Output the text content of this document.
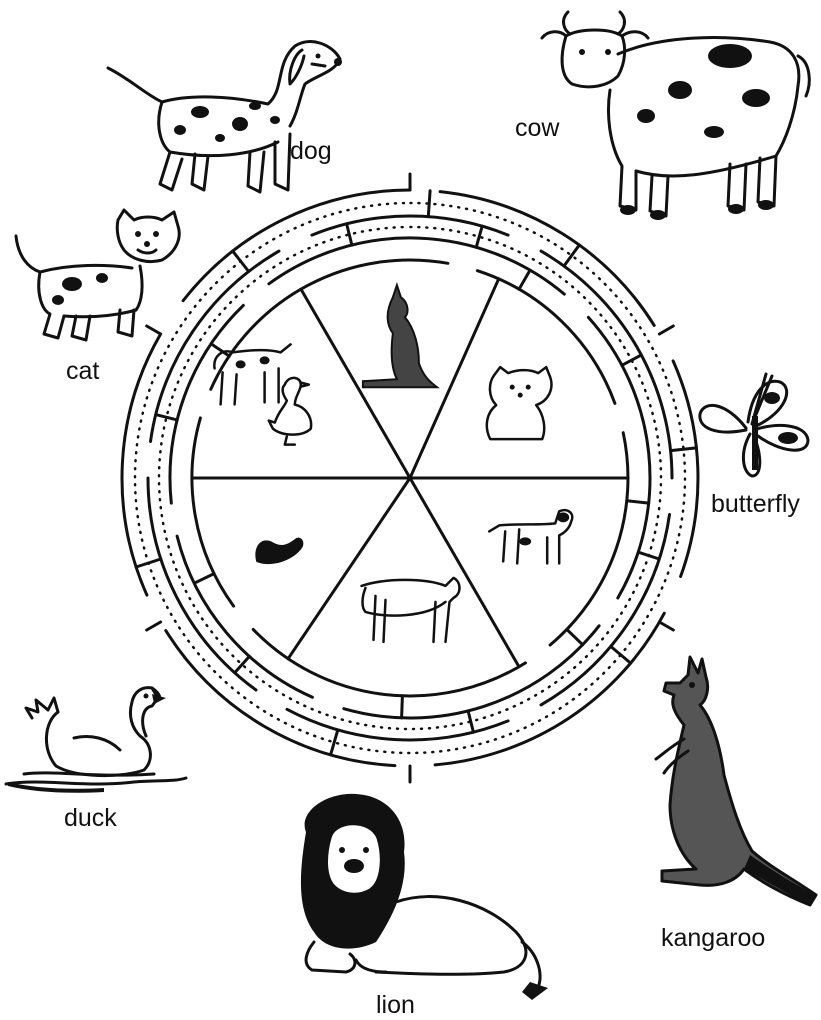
dog
cow
cat
butterfly
duck
lion
kangaroo
